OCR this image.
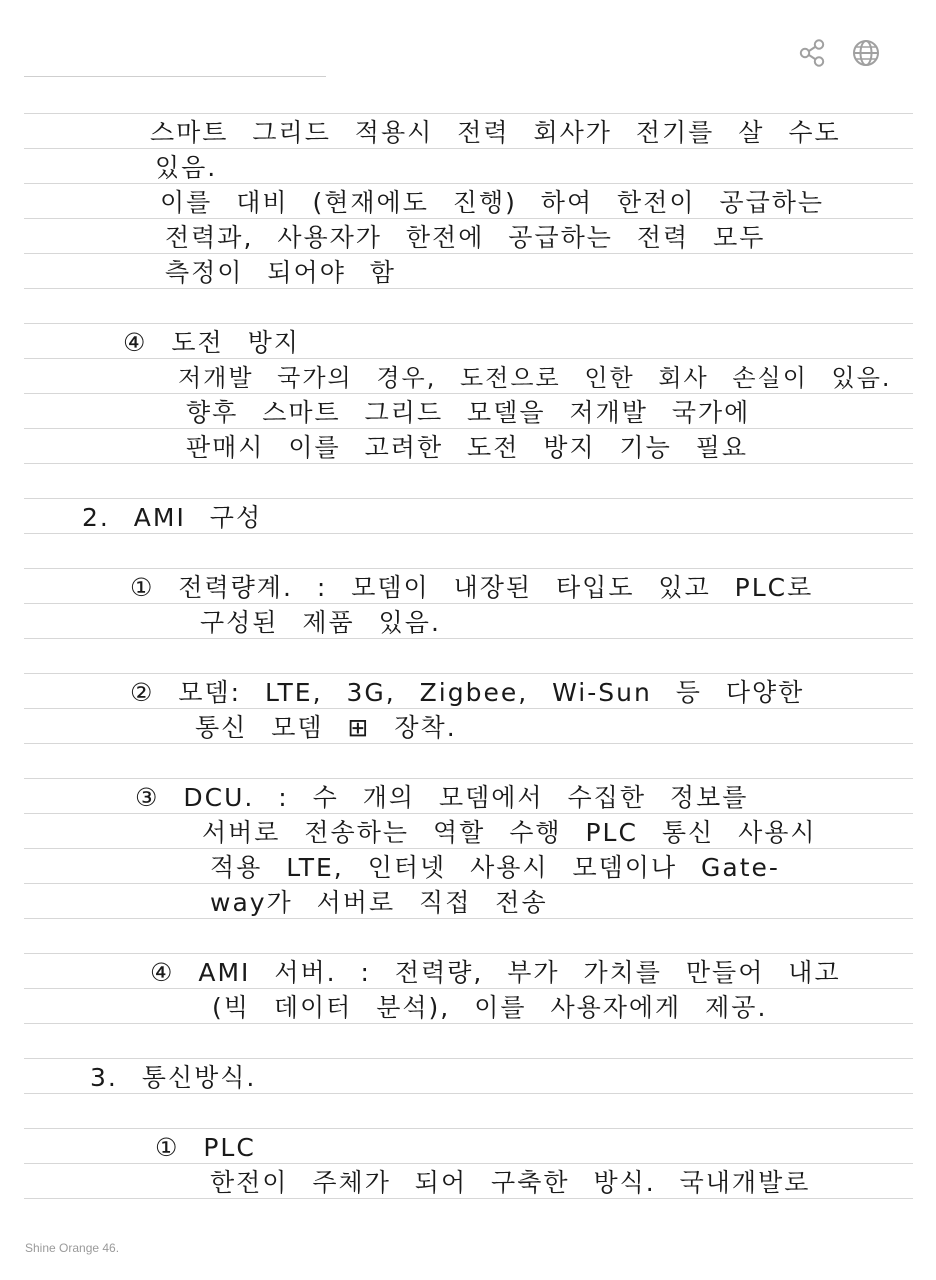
스마트 그리드 적용시 전력 회사가 전기를 살 수도

있음.

이를 대비 (현재에도 진행) 하여 한전이 공급하는

전력과, 사용자가 한전에 공급하는 전력 모두

측정이 되어야 함

④ 도전 방지

저개발 국가의 경우, 도전으로 인한 회사 손실이 있음.

향후 스마트 그리드 모델을 저개발 국가에

판매시 이를 고려한 도전 방지 기능 필요

2. AMI 구성

① 전력량계. : 모뎀이 내장된 타입도 있고 PLC로

구성된 제품 있음.

② 모뎀: LTE, 3G, Zigbee, Wi-Sun 등 다양한

통신 모뎀 ⊞ 장착.

③ DCU. : 수 개의 모뎀에서 수집한 정보를

서버로 전송하는 역할 수행 PLC 통신 사용시

적용 LTE, 인터넷 사용시 모뎀이나 Gate-

way가 서버로 직접 전송

④ AMI 서버. : 전력량, 부가 가치를 만들어 내고

(빅 데이터 분석), 이를 사용자에게 제공.

3. 통신방식.

① PLC

한전이 주체가 되어 구축한 방식. 국내개발로

Shine Orange 46.
